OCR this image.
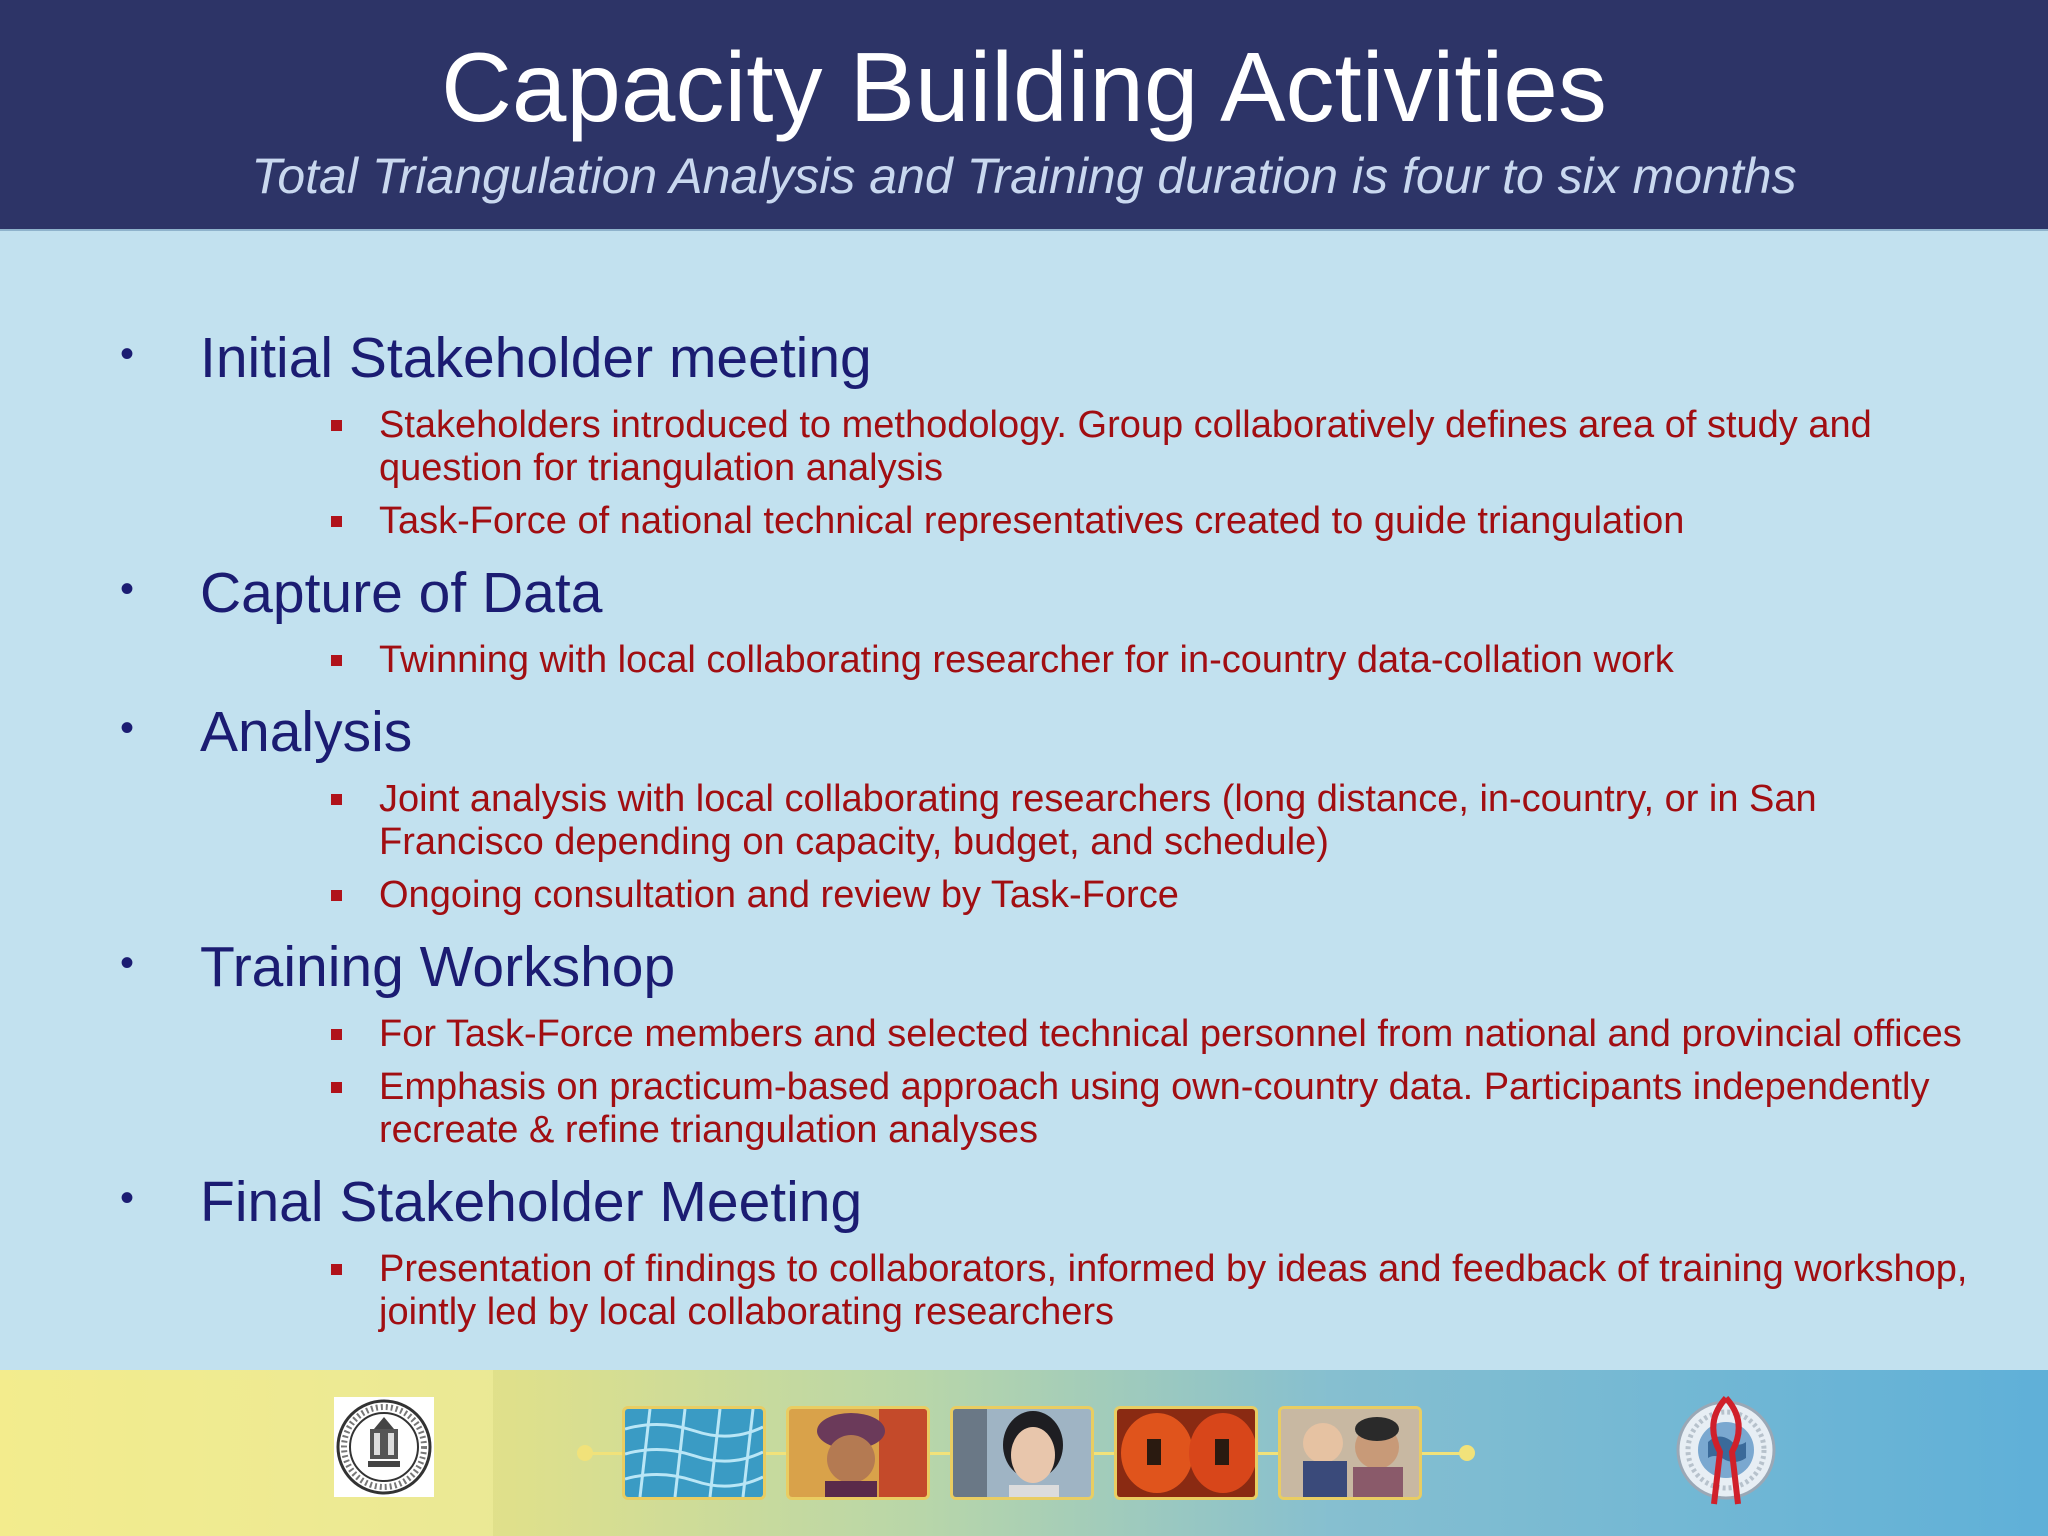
Capacity Building Activities
Total Triangulation Analysis and Training duration is four to six months
• Initial Stakeholder meeting
Stakeholders introduced to methodology. Group collaboratively defines area of study and question for triangulation analysis
Task-Force of national technical representatives created to guide triangulation
• Capture of Data
Twinning with local collaborating researcher for in-country data-collation work
• Analysis
Joint analysis with local collaborating researchers (long distance, in-country, or in San Francisco depending on capacity, budget, and schedule)
Ongoing consultation and review by Task-Force
• Training Workshop
For Task-Force members and selected technical personnel from national and provincial offices
Emphasis on practicum-based approach using own-country data. Participants independently recreate & refine triangulation analyses
• Final Stakeholder Meeting
Presentation of findings to collaborators, informed by ideas and feedback of training workshop, jointly led by local collaborating researchers
